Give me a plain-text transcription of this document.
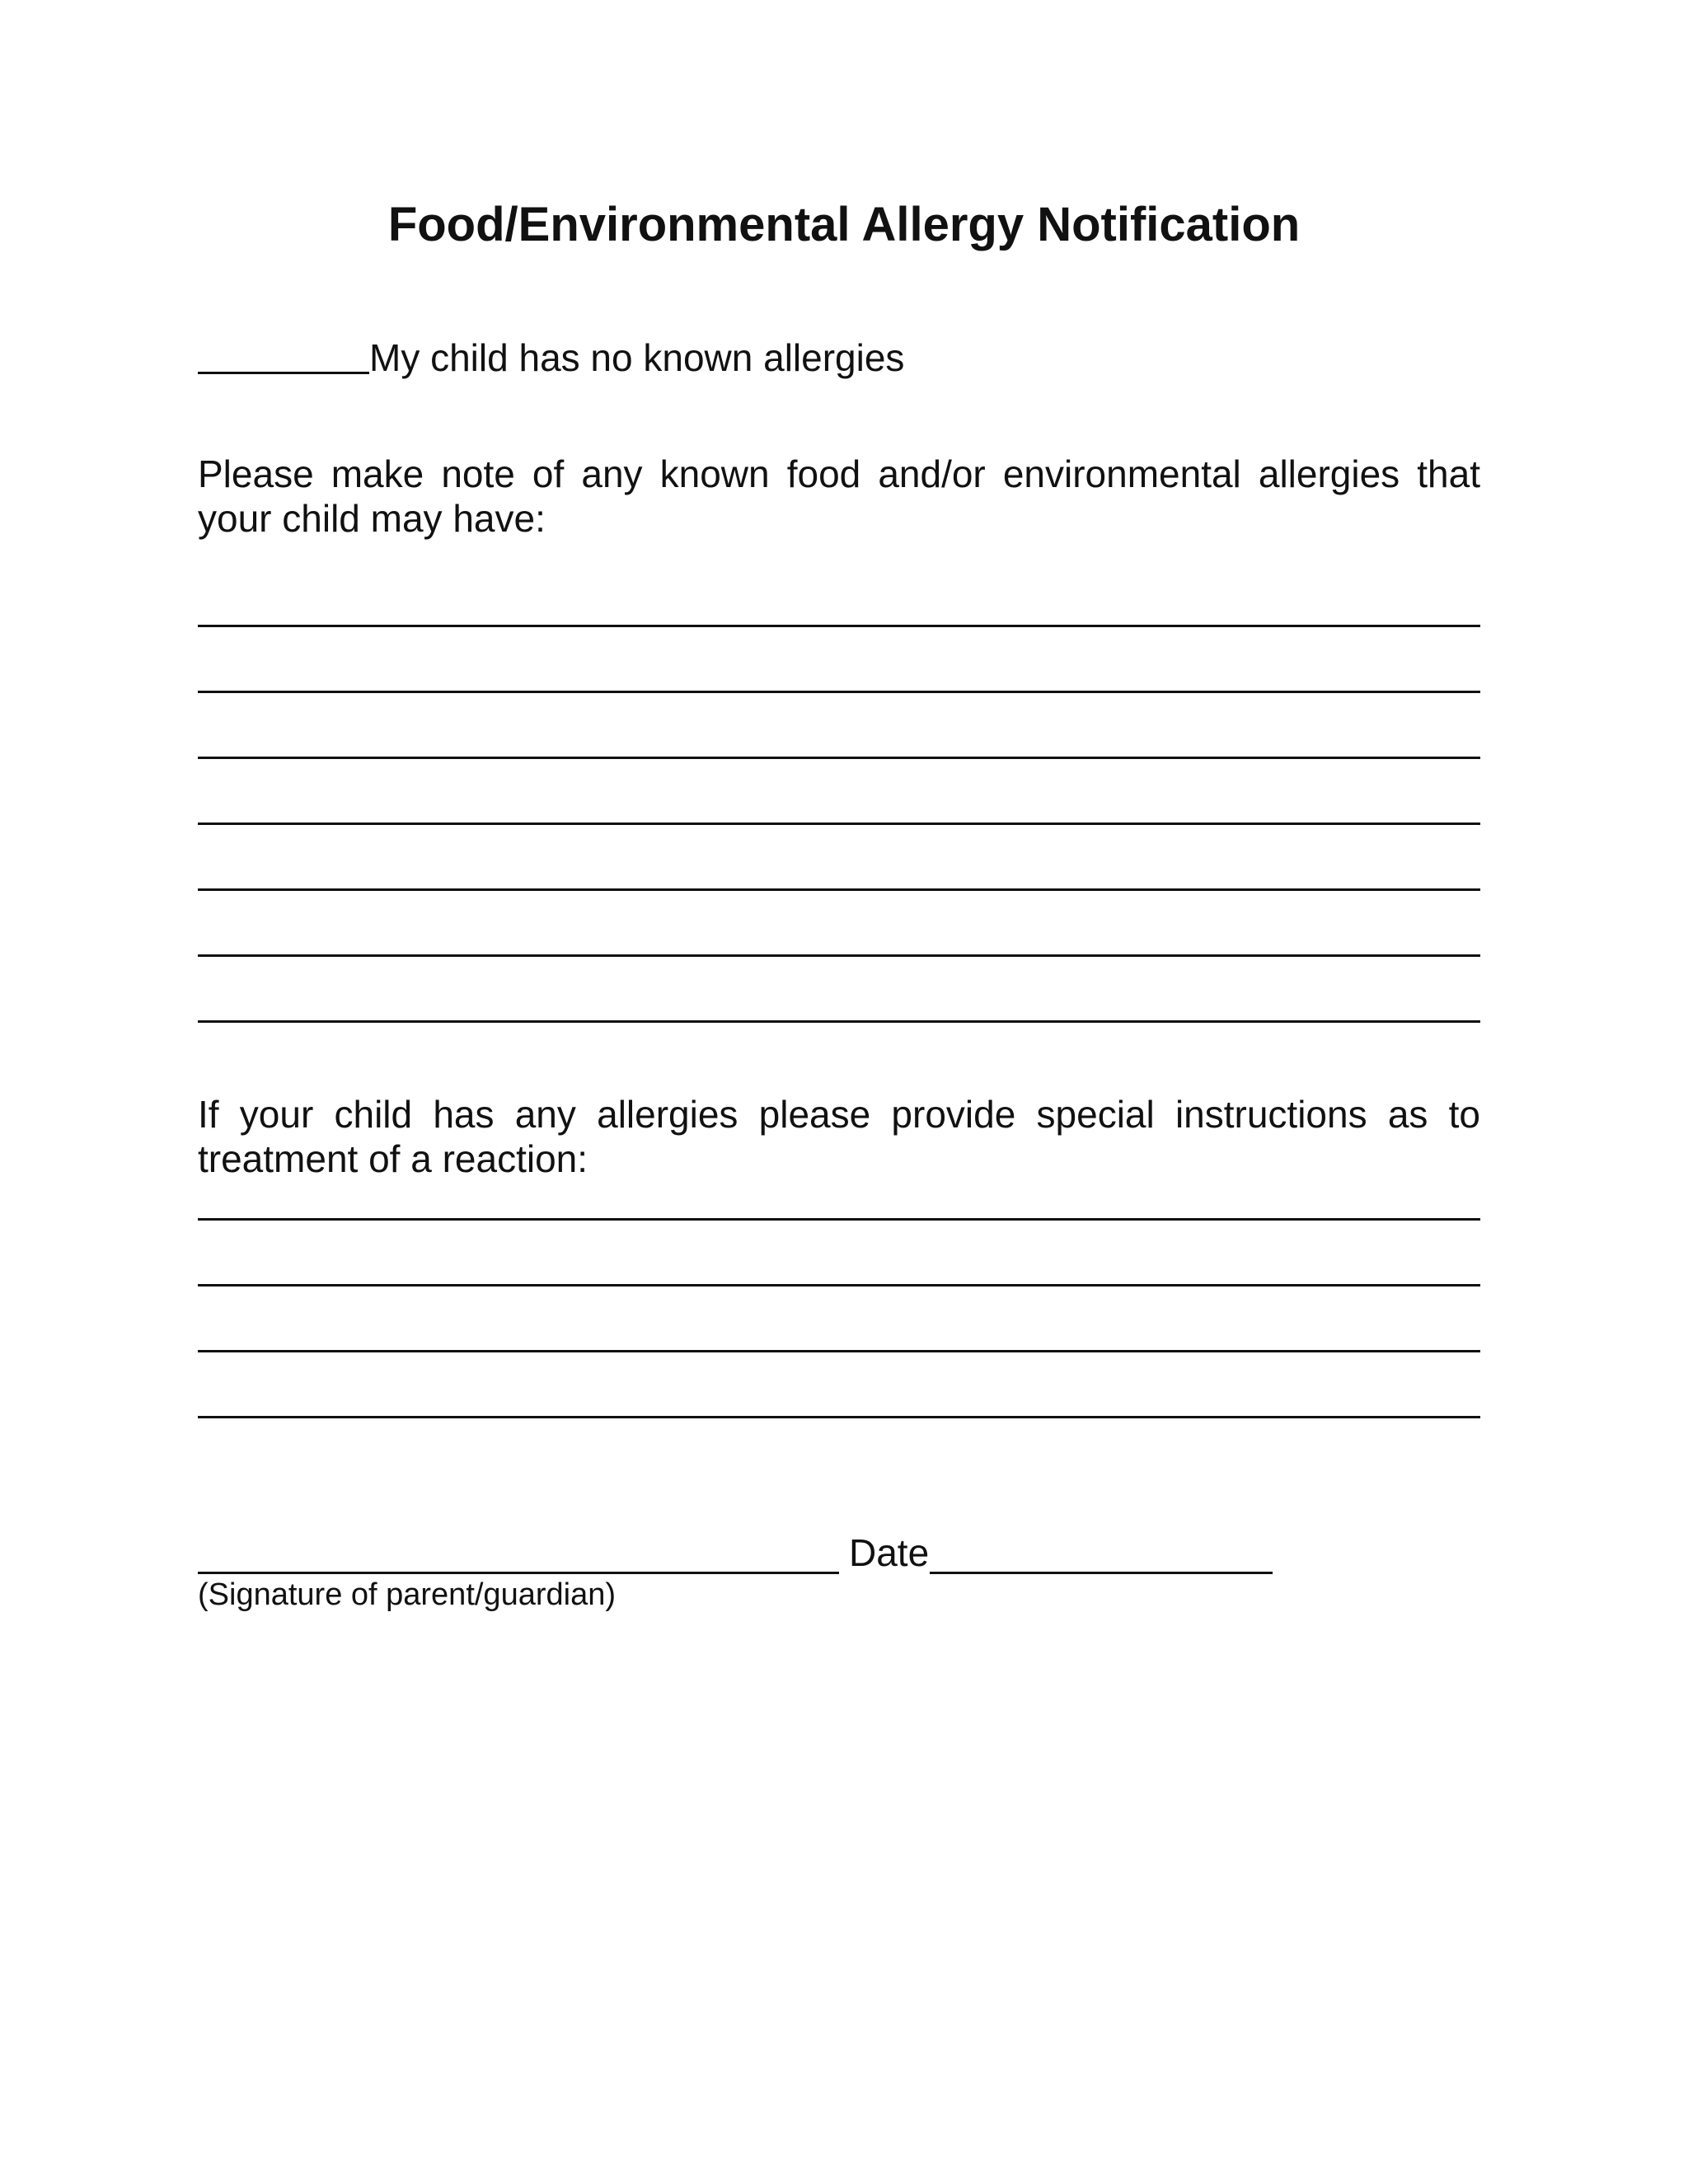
Food/Environmental Allergy Notification
My child has no known allergies

Please make note of any known food and/or environmental allergies that your child may have:

If your child has any allergies please provide special instructions as to treatment of a reaction:

Date
(Signature of parent/guardian)
